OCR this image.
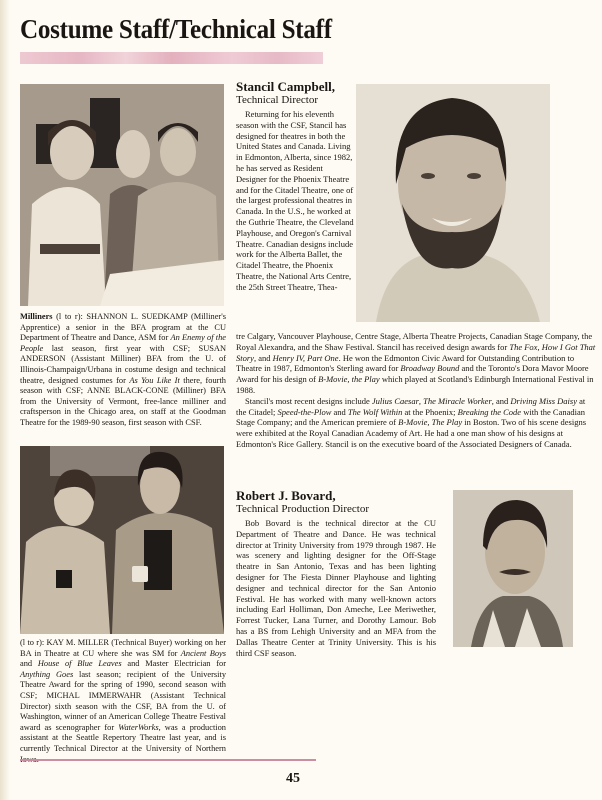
Costume Staff/Technical Staff
Milliners (l to r): SHANNON L. SUEDKAMP (Milliner's Apprentice) a senior in the BFA program at the CU Department of Theatre and Dance, ASM for An Enemy of the People last season, first year with CSF; SUSAN ANDERSON (Assistant Milliner) BFA from the U. of Illinois-Champaign/Urbana in costume design and technical theatre, designed costumes for As You Like It there, fourth season with CSF; ANNE BLACK-CONE (Milliner) BFA from the University of Vermont, free-lance milliner and craftsperson in the Chicago area, on staff at the Goodman Theatre for the 1989-90 season, first season with CSF.
Stancil Campbell,
Technical Director

Returning for his eleventh season with the CSF, Stancil has designed for theatres in both the United States and Canada. Living in Edmonton, Alberta, since 1982, he has served as Resident Designer for the Phoenix Theatre and for the Citadel Theatre, one of the largest professional theatres in Canada. In the U.S., he worked at the Guthrie Theatre, the Cleveland Playhouse, and Oregon's Carnival Theatre. Canadian designs include work for the Alberta Ballet, the Citadel Theatre, the Phoenix Theatre, the National Arts Centre, the 25th Street Theatre, Thea-

tre Calgary, Vancouver Playhouse, Centre Stage, Alberta Theatre Projects, Canadian Stage Company, the Royal Alexandra, and the Shaw Festival. Stancil has received design awards for The Fox, How I Got That Story, and Henry IV, Part One. He won the Edmonton Civic Award for Outstanding Contribution to Theatre in 1987, Edmonton's Sterling award for Broadway Bound and the Toronto's Dora Mavor Moore Award for his design of B-Movie, the Play which played at Scotland's Edinburgh International Festival in 1988.

Stancil's most recent designs include Julius Caesar, The Miracle Worker, and Driving Miss Daisy at the Citadel; Speed-the-Plow and The Wolf Within at the Phoenix; Breaking the Code with the Canadian Stage Company; and the American premiere of B-Movie, The Play in Boston. Two of his scene designs were exhibited at the Royal Canadian Academy of Art. He had a one man show of his designs at Edmonton's Rice Gallery. Stancil is on the executive board of the Associated Designers of Canada.

(l to r): KAY M. MILLER (Technical Buyer) working on her BA in Theatre at CU where she was SM for Ancient Boys and House of Blue Leaves and Master Electrician for Anything Goes last season; recipient of the University Theatre Award for the spring of 1990, second season with CSF; MICHAL IMMERWAHR (Assistant Technical Director) sixth season with the CSF, BA from the U. of Washington, winner of an American College Theatre Festival award as scenographer for WaterWorks, was a production assistant at the Seattle Repertory Theatre last year, and is currently Technical Director at the University of Northern
Robert J. Bovard,
Technical Production Director

Bob Bovard is the technical director at the CU Department of Theatre and Dance. He was technical director at Trinity University from 1979 through 1987. He was scenery and lighting designer for the Off-Stage theatre in San Antonio, Texas and has been lighting designer for The Fiesta Dinner Playhouse and lighting designer and technical director for the San Antonio Festival. He has worked with many well-known actors including Earl Holliman, Don Ameche, Lee Meriwether, Forrest Tucker, Lana Turner, and Dorothy Lamour. Bob has a BS from Lehigh University and an MFA from the Dallas Theatre Center at Trinity University. This is his third CSF season.

45
